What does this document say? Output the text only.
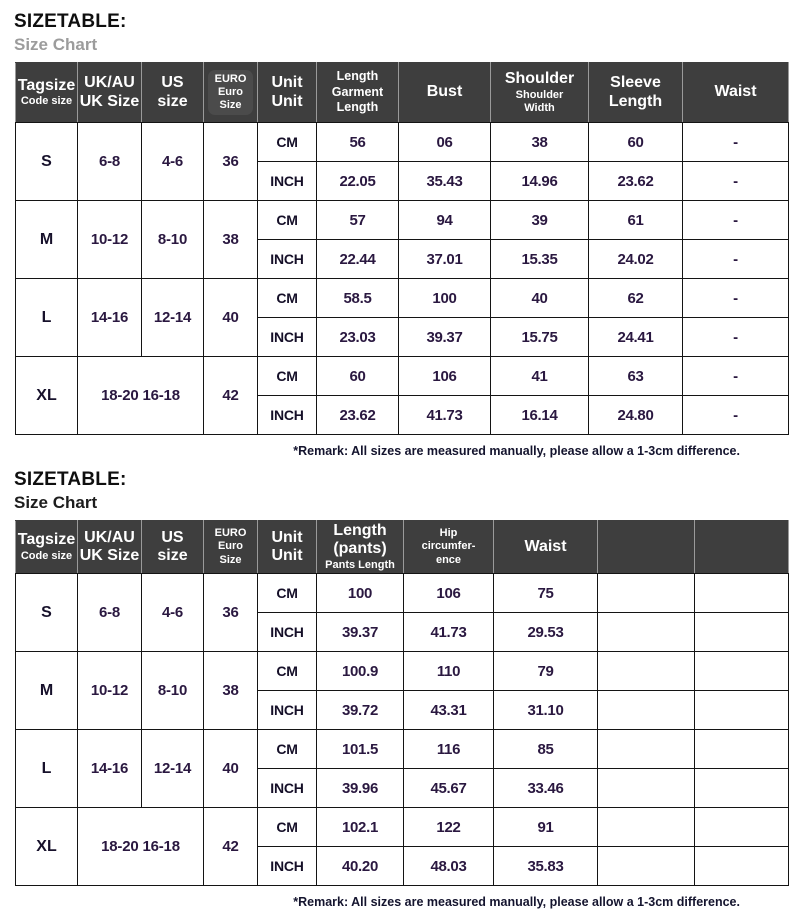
SIZETABLE:
Size Chart
Tagsize
Code size

UK/AU
UK Size

US
size

EURO
Euro
Size

Unit
Unit

Length
Garment
Length

Bust

Shoulder
Shoulder
Width

Sleeve
Length

Waist

S	6-8	4-6	36	CM	56	06	38	60	-
				INCH	22.05	35.43	14.96	23.62	-
M	10-12	8-10	38	CM	57	94	39	61	-
				INCH	22.44	37.01	15.35	24.02	-
L	14-16	12-14	40	CM	58.5	100	40	62	-
				INCH	23.03	39.37	15.75	24.41	-
XL	18-20 16-18		42	CM	60	106	41	63	-
				INCH	23.62	41.73	16.14	24.80	-

*Remark: All sizes are measured manually, please allow a 1-3cm difference.

SIZETABLE:
Size Chart
Tagsize
Code size

UK/AU
UK Size

US
size

EURO
Euro
Size

Unit
Unit

Length
(pants)
Pants Length

Hip
circumfer-
ence

Waist

S	6-8	4-6	36	CM	100	106	75		
				INCH	39.37	41.73	29.53		
M	10-12	8-10	38	CM	100.9	110	79		
				INCH	39.72	43.31	31.10		
L	14-16	12-14	40	CM	101.5	116	85		
				INCH	39.96	45.67	33.46		
XL	18-20 16-18		42	CM	102.1	122	91		
				INCH	40.20	48.03	35.83		

*Remark: All sizes are measured manually, please allow a 1-3cm difference.
